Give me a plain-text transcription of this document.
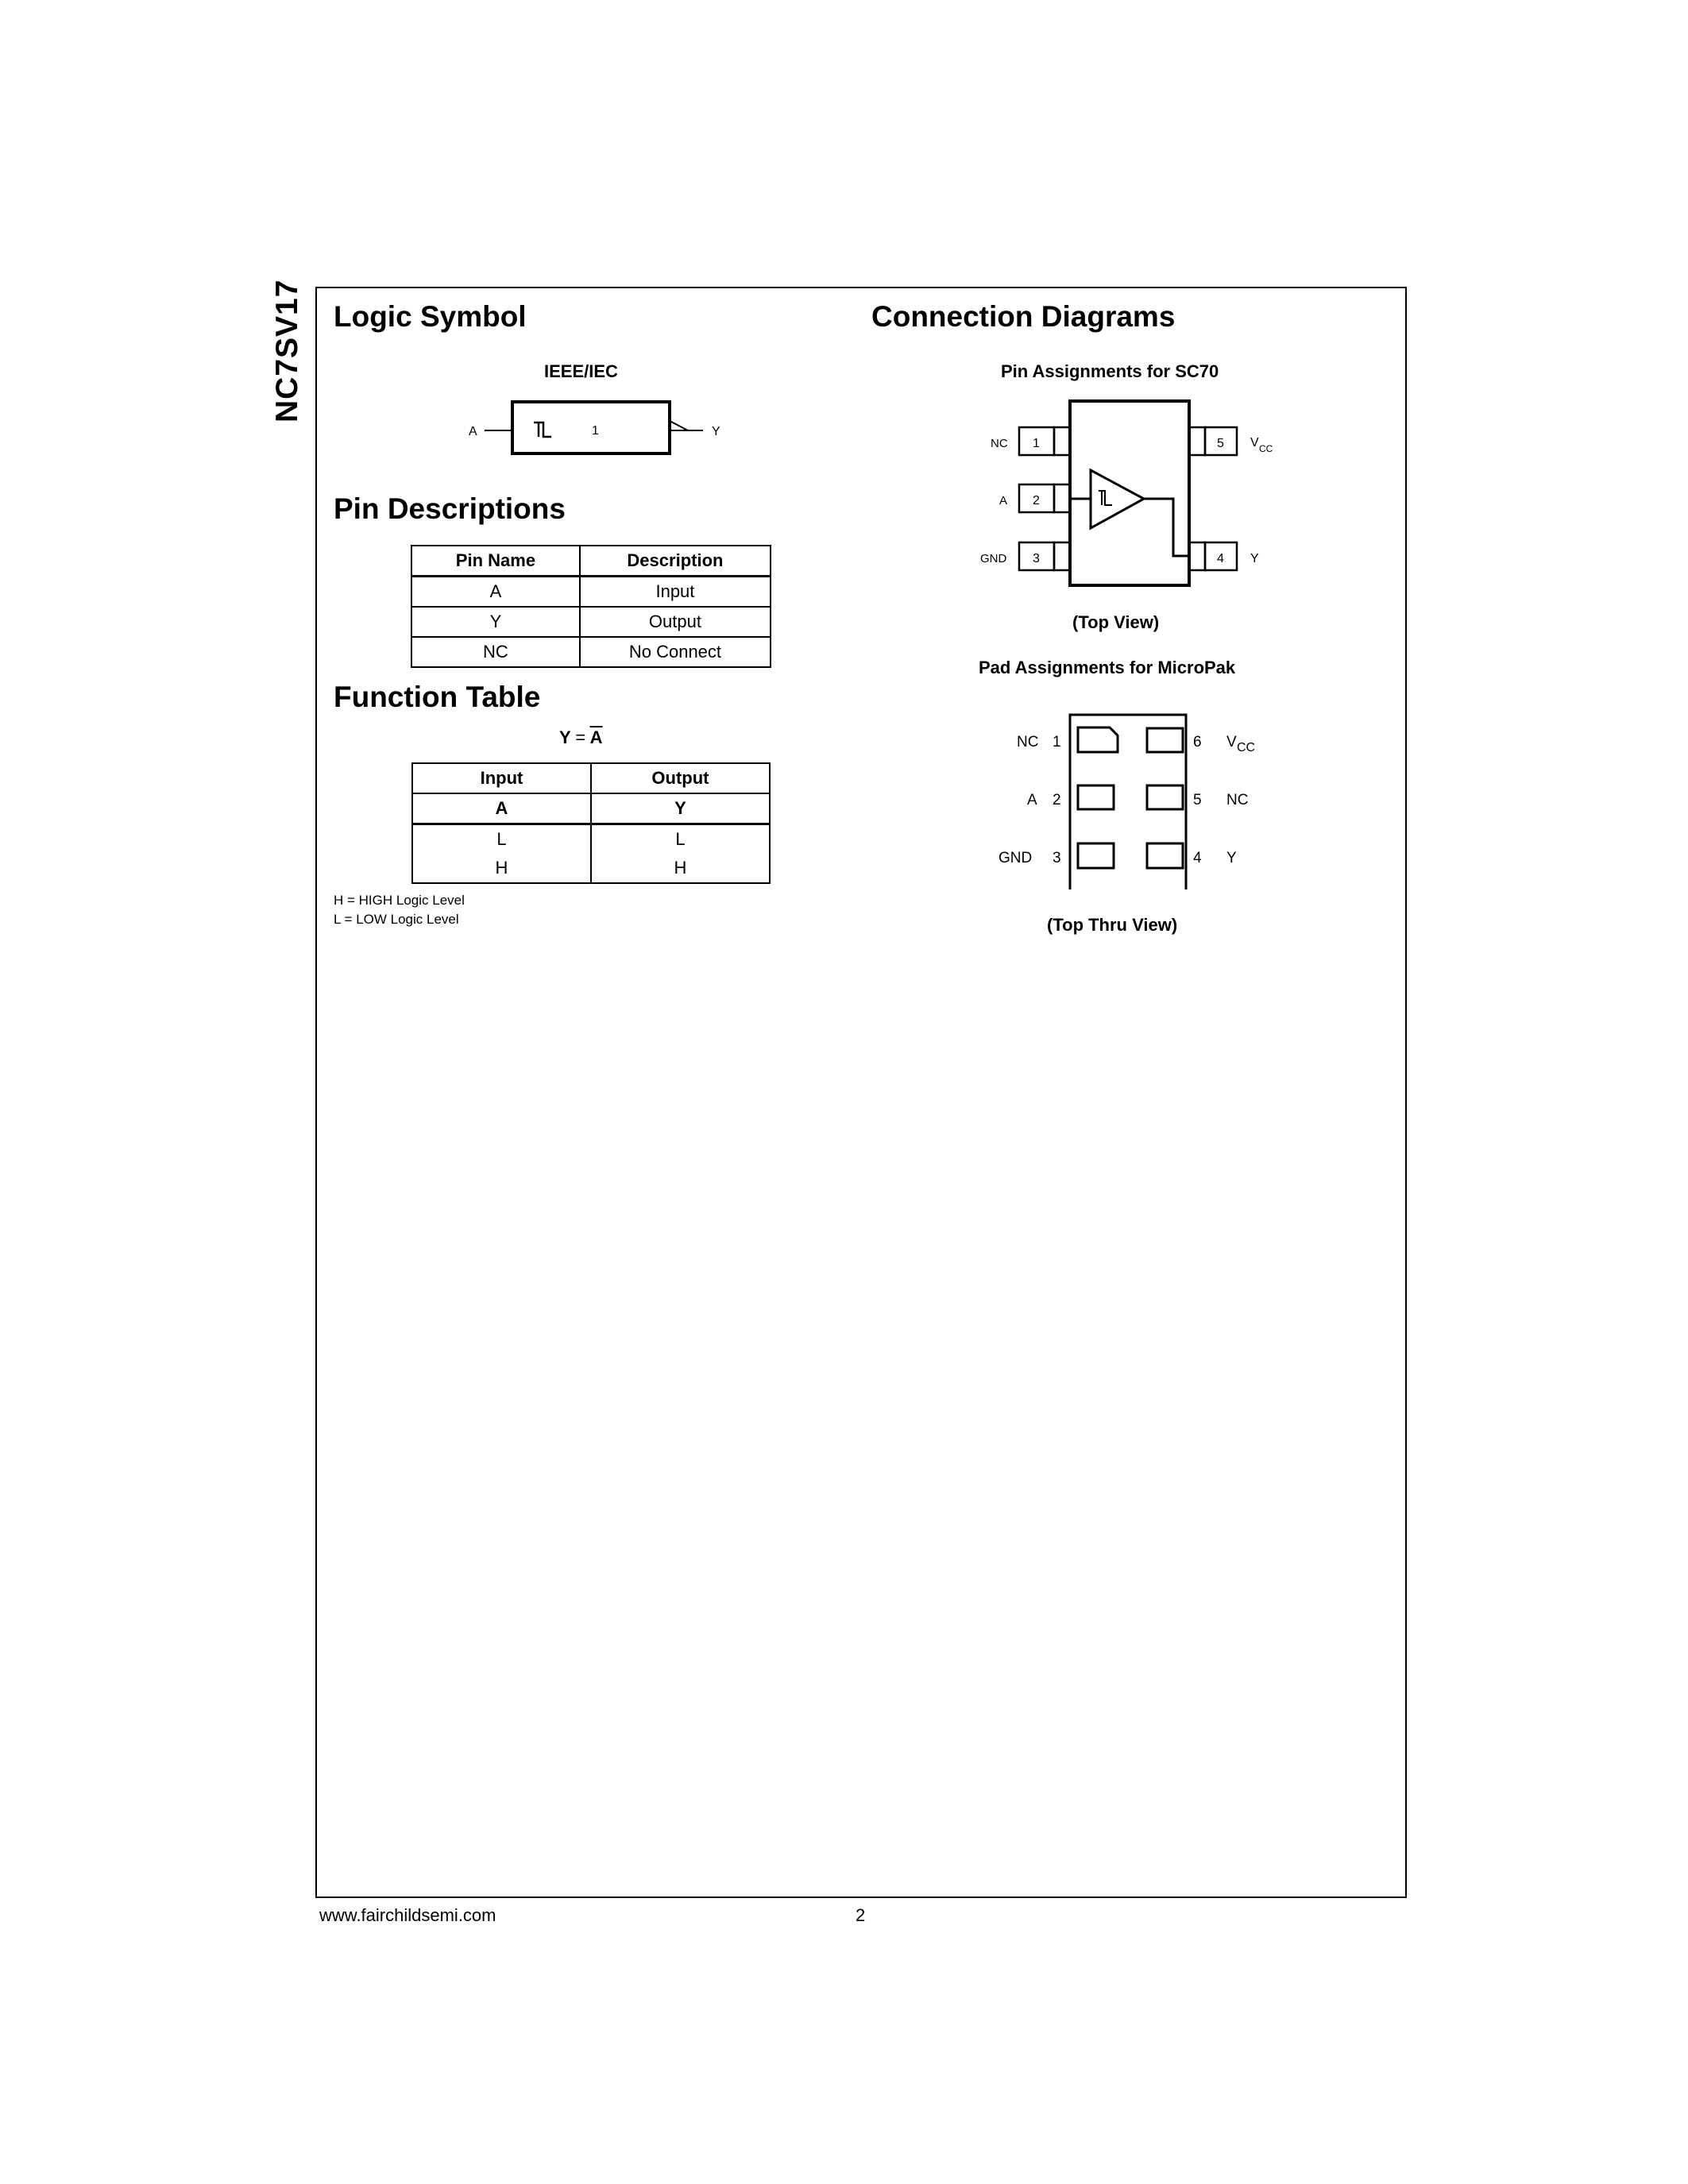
NC7SV17 Logic Symbol
IEEE/IEC
A	1	Y
Pin Descriptions
Pin Name	Description
A	Input
Y	Output
NC	No Connect
Function Table
$Y = \overline{A}$
Input	Output
A	Y
L	L
H	H
H = HIGH Logic Level
L = LOW Logic Level
Connection Diagrams
Pin Assignments for SC70
NC 1
A 2
GND 3
5 V CC
4 Y
(Top View)
Pad Assignments for MicroPak
NC 1
A 2
GND 3
6 V CC
5 NC
4 Y
(Top Thru View)
www.fairchildsemi.com	2
